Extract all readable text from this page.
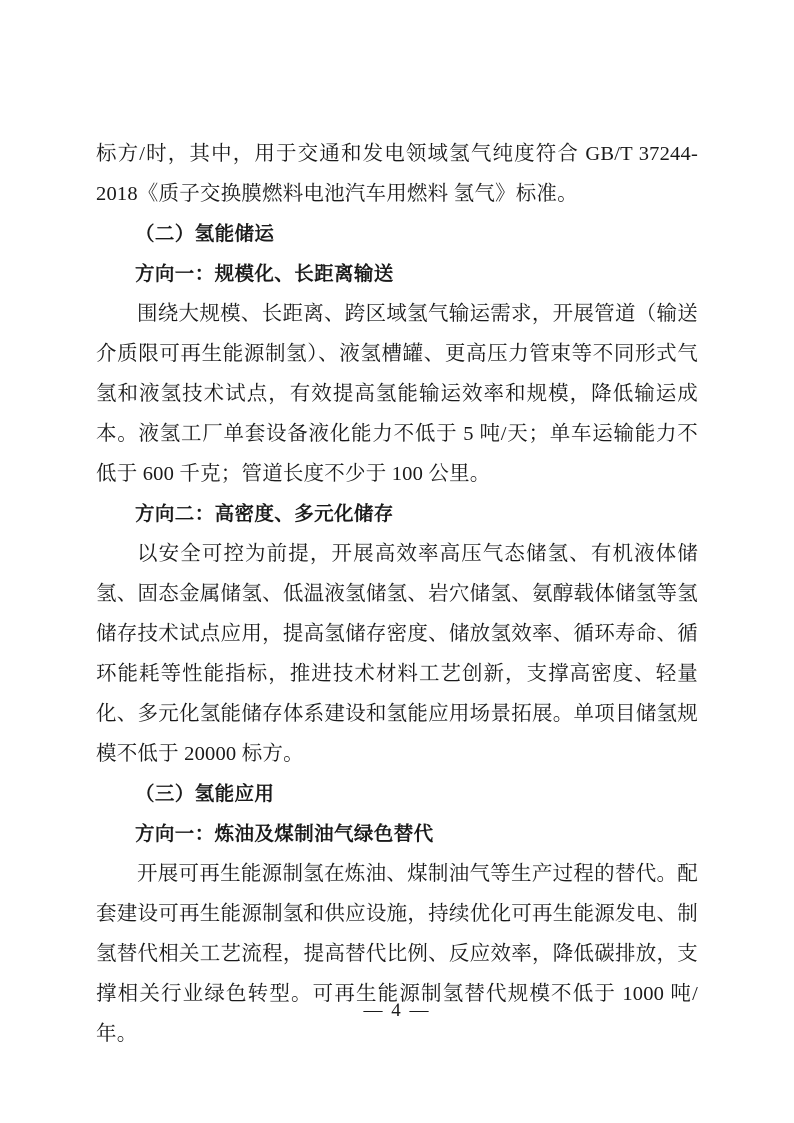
标方/时，其中，用于交通和发电领域氢气纯度符合 GB/T 37244-2018《质子交换膜燃料电池汽车用燃料 氢气》标准。

（二）氢能储运

方向一：规模化、长距离输送

围绕大规模、长距离、跨区域氢气输运需求，开展管道（输送介质限可再生能源制氢）、液氢槽罐、更高压力管束等不同形式气氢和液氢技术试点，有效提高氢能输运效率和规模，降低输运成本。液氢工厂单套设备液化能力不低于 5 吨/天；单车运输能力不低于 600 千克；管道长度不少于 100 公里。

方向二：高密度、多元化储存

以安全可控为前提，开展高效率高压气态储氢、有机液体储氢、固态金属储氢、低温液氢储氢、岩穴储氢、氨醇载体储氢等氢储存技术试点应用，提高氢储存密度、储放氢效率、循环寿命、循环能耗等性能指标，推进技术材料工艺创新，支撑高密度、轻量化、多元化氢能储存体系建设和氢能应用场景拓展。单项目储氢规模不低于 20000 标方。

（三）氢能应用

方向一：炼油及煤制油气绿色替代

开展可再生能源制氢在炼油、煤制油气等生产过程的替代。配套建设可再生能源制氢和供应设施，持续优化可再生能源发电、制氢替代相关工艺流程，提高替代比例、反应效率，降低碳排放，支撑相关行业绿色转型。可再生能源制氢替代规模不低于 1000 吨/年。

— 4 —
